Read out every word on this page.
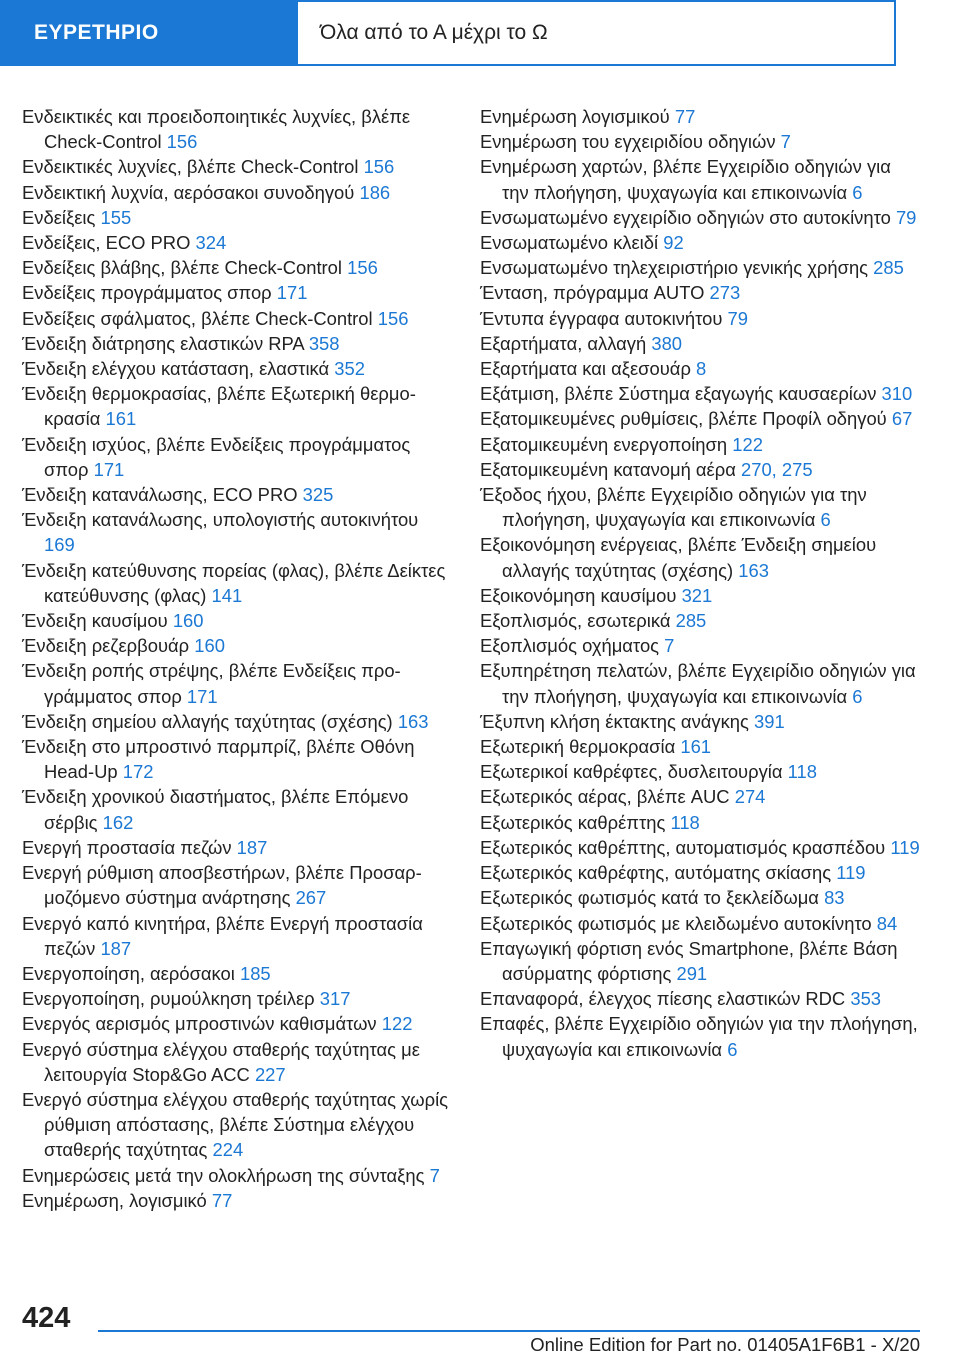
ΕΥΡΕΤΗΡΙΟ	Όλα από το Α μέχρι το Ω
Ενδεικτικές και προειδοποιητικές λυχνίες, βλέπε Check-Control 156
Ενδεικτικές λυχνίες, βλέπε Check-Control 156
Ενδεικτική λυχνία, αερόσακοι συνοδηγού 186
Ενδείξεις 155
Ενδείξεις, ECO PRO 324
Ενδείξεις βλάβης, βλέπε Check-Control 156
Ενδείξεις προγράμματος σπορ 171
Ενδείξεις σφάλματος, βλέπε Check-Control 156
Ένδειξη διάτρησης ελαστικών RPA 358
Ένδειξη ελέγχου κατάσταση, ελαστικά 352
Ένδειξη θερμοκρασίας, βλέπε Εξωτερική θερμοκρασία 161
Ένδειξη ισχύος, βλέπε Ενδείξεις προγράμματος σπορ 171
Ένδειξη κατανάλωσης, ECO PRO 325
Ένδειξη κατανάλωσης, υπολογιστής αυτοκινήτου 169
Ένδειξη κατεύθυνσης πορείας (φλας), βλέπε Δείκτες κατεύθυνσης (φλας) 141
Ένδειξη καυσίμου 160
Ένδειξη ρεζερβουάρ 160
Ένδειξη ροπής στρέψης, βλέπε Ενδείξεις προγράμματος σπορ 171
Ένδειξη σημείου αλλαγής ταχύτητας (σχέσης) 163
Ένδειξη στο μπροστινό παρμπρίζ, βλέπε Οθόνη Head-Up 172
Ένδειξη χρονικού διαστήματος, βλέπε Επόμενο σέρβις 162
Ενεργή προστασία πεζών 187
Ενεργή ρύθμιση αποσβεστήρων, βλέπε Προσαρμοζόμενο σύστημα ανάρτησης 267
Ενεργό καπό κινητήρα, βλέπε Ενεργή προστασία πεζών 187
Ενεργοποίηση, αερόσακοι 185
Ενεργοποίηση, ρυμούλκηση τρέιλερ 317
Ενεργός αερισμός μπροστινών καθισμάτων 122
Ενεργό σύστημα ελέγχου σταθερής ταχύτητας με λειτουργία Stop&Go ACC 227
Ενεργό σύστημα ελέγχου σταθερής ταχύτητας χωρίς ρύθμιση απόστασης, βλέπε Σύστημα ελέγχου σταθερής ταχύτητας 224
Ενημερώσεις μετά την ολοκλήρωση της σύνταξης 7
Ενημέρωση, λογισμικό 77
Ενημέρωση λογισμικού 77
Ενημέρωση του εγχειριδίου οδηγιών 7
Ενημέρωση χαρτών, βλέπε Εγχειρίδιο οδηγιών για την πλοήγηση, ψυχαγωγία και επικοινωνία 6
Ενσωματωμένο εγχειρίδιο οδηγιών στο αυτοκίνητο 79
Ενσωματωμένο κλειδί 92
Ενσωματωμένο τηλεχειριστήριο γενικής χρήσης 285
Ένταση, πρόγραμμα AUTO 273
Έντυπα έγγραφα αυτοκινήτου 79
Εξαρτήματα, αλλαγή 380
Εξαρτήματα και αξεσουάρ 8
Εξάτμιση, βλέπε Σύστημα εξαγωγής καυσαερίων 310
Εξατομικευμένες ρυθμίσεις, βλέπε Προφίλ οδηγού 67
Εξατομικευμένη ενεργοποίηση 122
Εξατομικευμένη κατανομή αέρα 270, 275
Έξοδος ήχου, βλέπε Εγχειρίδιο οδηγιών για την πλοήγηση, ψυχαγωγία και επικοινωνία 6
Εξοικονόμηση ενέργειας, βλέπε Ένδειξη σημείου αλλαγής ταχύτητας (σχέσης) 163
Εξοικονόμηση καυσίμου 321
Εξοπλισμός, εσωτερικά 285
Εξοπλισμός οχήματος 7
Εξυπηρέτηση πελατών, βλέπε Εγχειρίδιο οδηγιών για την πλοήγηση, ψυχαγωγία και επικοινωνία 6
Έξυπνη κλήση έκτακτης ανάγκης 391
Εξωτερική θερμοκρασία 161
Εξωτερικοί καθρέφτες, δυσλειτουργία 118
Εξωτερικός αέρας, βλέπε AUC 274
Εξωτερικός καθρέπτης 118
Εξωτερικός καθρέπτης, αυτοματισμός κρασπέδου 119
Εξωτερικός καθρέφτης, αυτόματης σκίασης 119
Εξωτερικός φωτισμός κατά το ξεκλείδωμα 83
Εξωτερικός φωτισμός με κλειδωμένο αυτοκίνητο 84
Επαγωγική φόρτιση ενός Smartphone, βλέπε Βάση ασύρματης φόρτισης 291
Επαναφορά, έλεγχος πίεσης ελαστικών RDC 353
Επαφές, βλέπε Εγχειρίδιο οδηγιών για την πλοήγηση, ψυχαγωγία και επικοινωνία 6
424
Online Edition for Part no. 01405A1F6B1 - X/20
